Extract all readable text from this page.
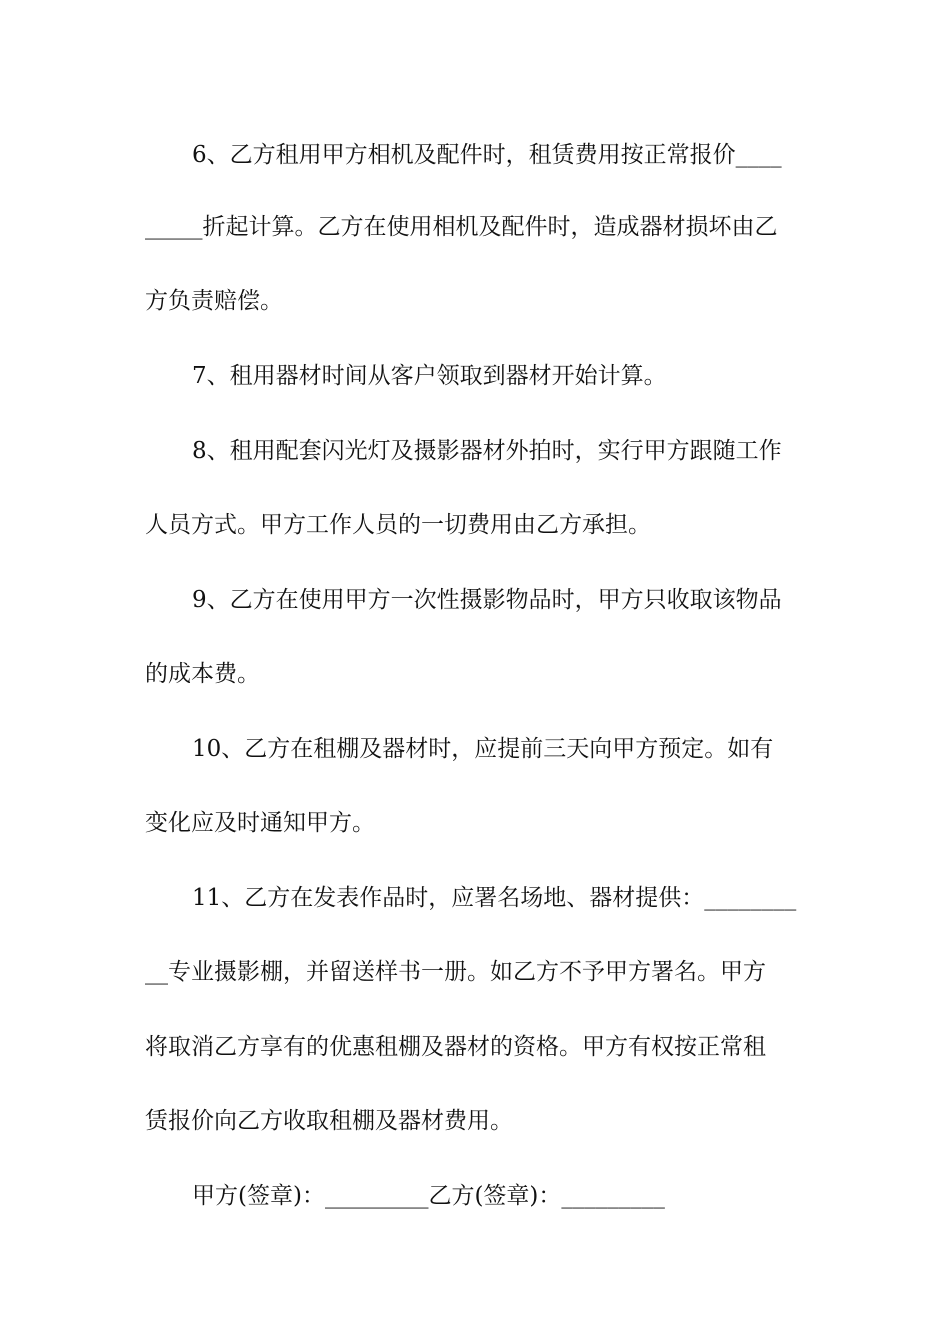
6、乙方租用甲方相机及配件时，租赁费用按正常报价____
_____折起计算。乙方在使用相机及配件时，造成器材损坏由乙
方负责赔偿。
7、租用器材时间从客户领取到器材开始计算。
8、租用配套闪光灯及摄影器材外拍时，实行甲方跟随工作
人员方式。甲方工作人员的一切费用由乙方承担。
9、乙方在使用甲方一次性摄影物品时，甲方只收取该物品
的成本费。
10、乙方在租棚及器材时，应提前三天向甲方预定。如有
变化应及时通知甲方。
11、乙方在发表作品时，应署名场地、器材提供：________
__专业摄影棚，并留送样书一册。如乙方不予甲方署名。甲方
将取消乙方享有的优惠租棚及器材的资格。甲方有权按正常租
赁报价向乙方收取租棚及器材费用。
甲方(签章)：_________乙方(签章)：_________
